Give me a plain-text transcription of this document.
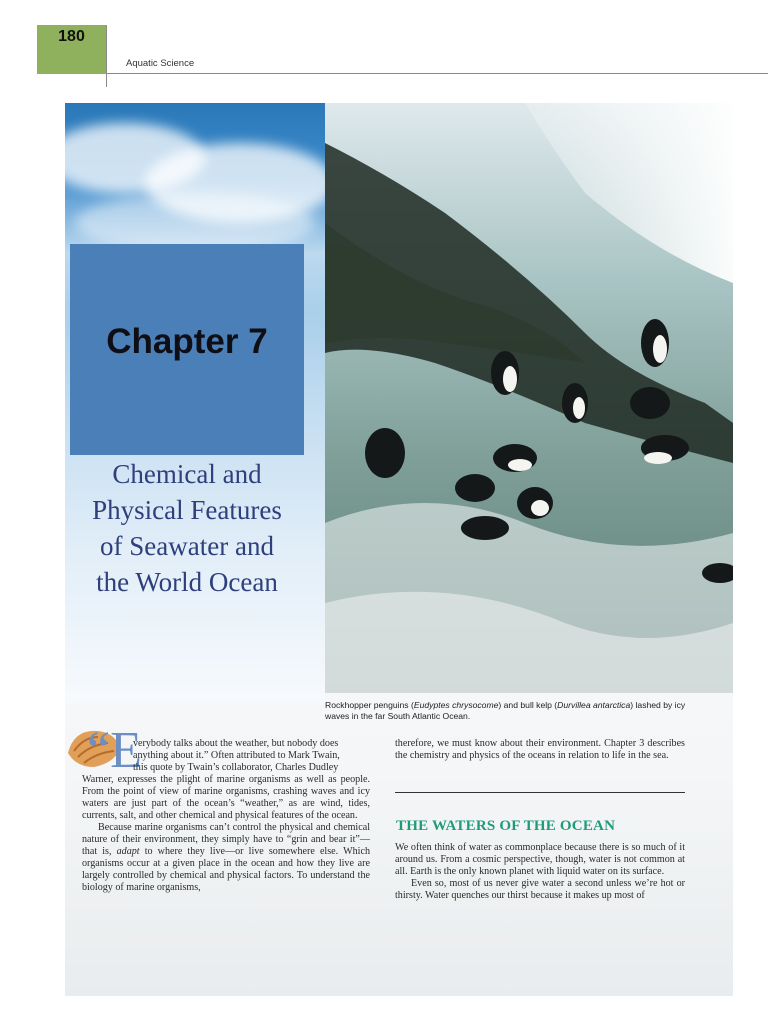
180
Aquatic Science
Chapter 7
Chemical and
Physical Features
of Seawater and
the World Ocean
Rockhopper penguins (Eudyptes chrysocome) and bull kelp (Durvillea antarctica) lashed by icy waves in the far South Atlantic Ocean.
“E
verybody talks about the weather, but nobody does
anything about it.” Often attributed to Mark Twain,
this quote by Twain’s collaborator, Charles Dudley

Warner, expresses the plight of marine organisms as well as people. From the point of view of marine organisms, crashing waves and icy waters are just part of the ocean’s “weather,” as are wind, tides, currents, salt, and other chemical and physical features of the ocean.

Because marine organisms can’t control the physical and chemical nature of their environment, they simply have to “grin and bear it”—that is, adapt to where they live—or live somewhere else. Which organisms occur at a given place in the ocean and how they live are largely controlled by chemical and physical factors. To understand the biology of marine organisms,

therefore, we must know about their environment. Chapter 3 describes the chemistry and physics of the oceans in relation to life in the sea.

THE WATERS OF THE OCEAN

We often think of water as commonplace because there is so much of it around us. From a cosmic perspective, though, water is not common at all. Earth is the only known planet with liquid water on its surface.

Even so, most of us never give water a second unless we’re hot or thirsty. Water quenches our thirst because it makes up most of
